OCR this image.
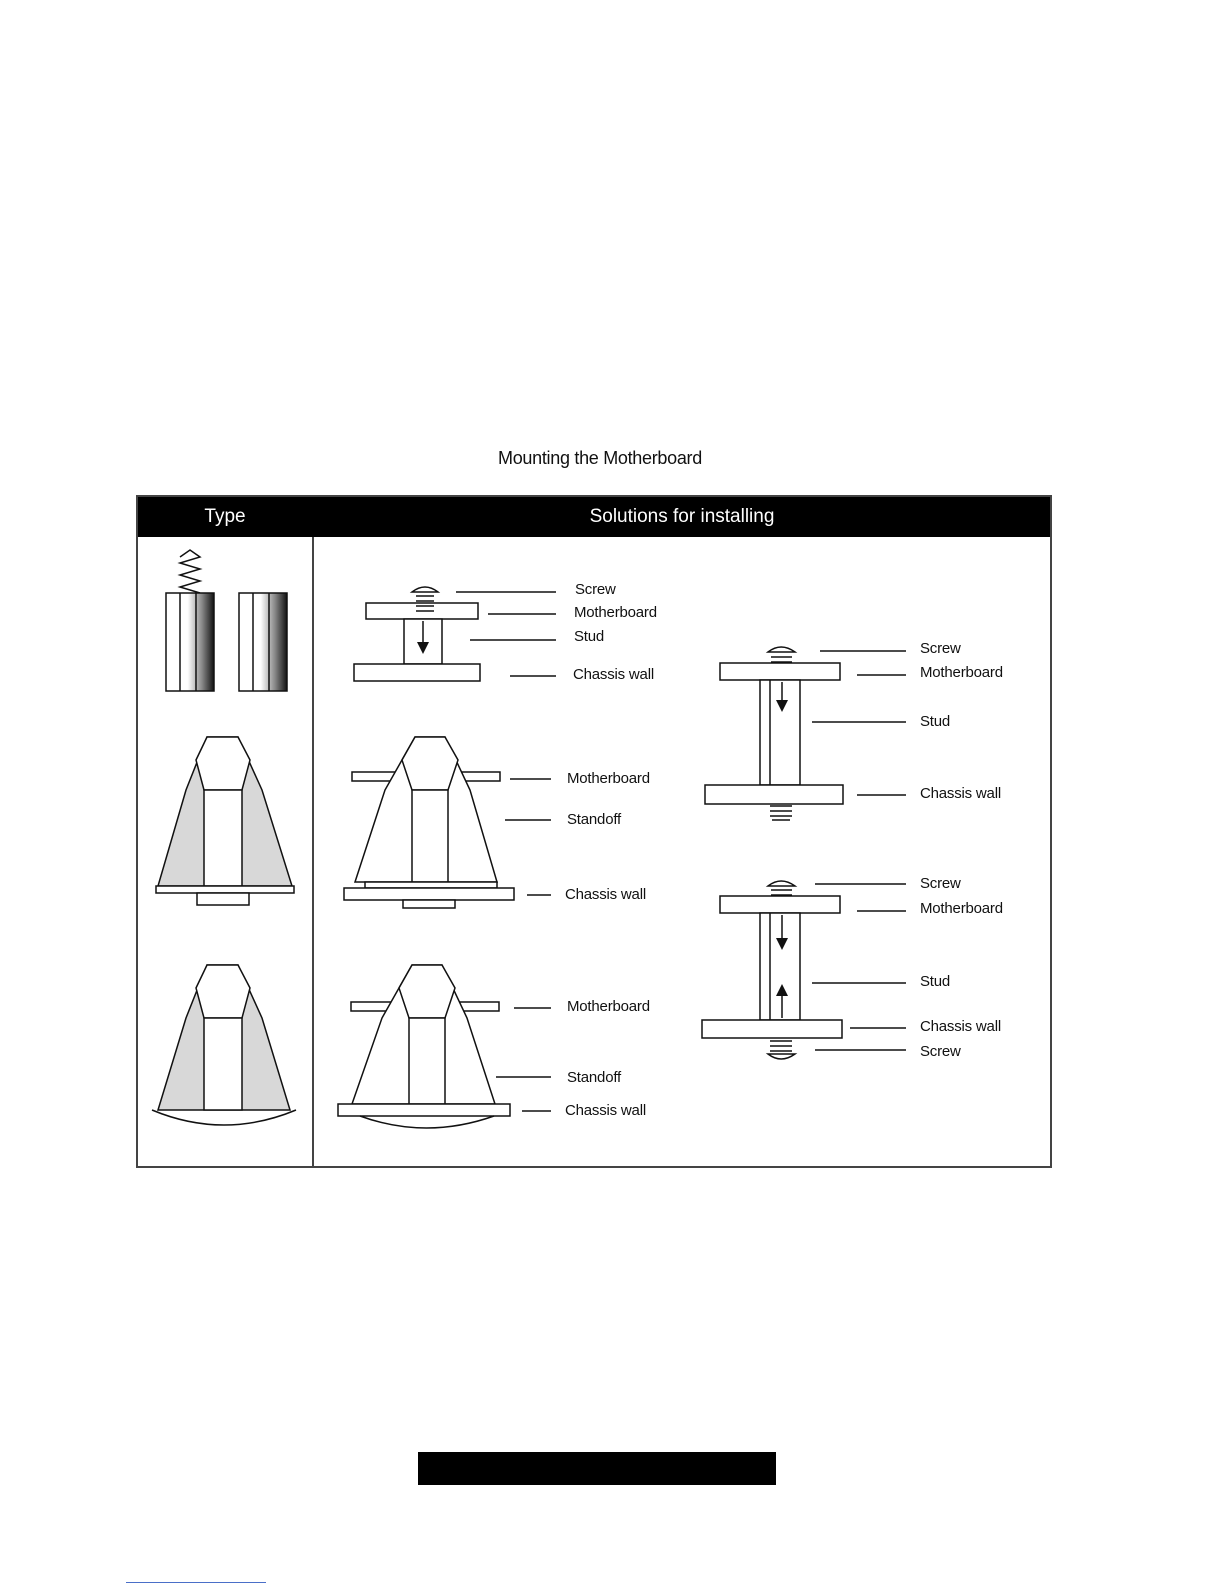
Mounting the Motherboard
Type	Solutions for installing
Screw
Motherboard
Stud
Chassis wall
Motherboard
Standoff
Chassis wall
Motherboard
Standoff
Chassis wall
Screw
Motherboard
Stud
Chassis wall
Screw
Motherboard
Stud
Chassis wall
Screw
